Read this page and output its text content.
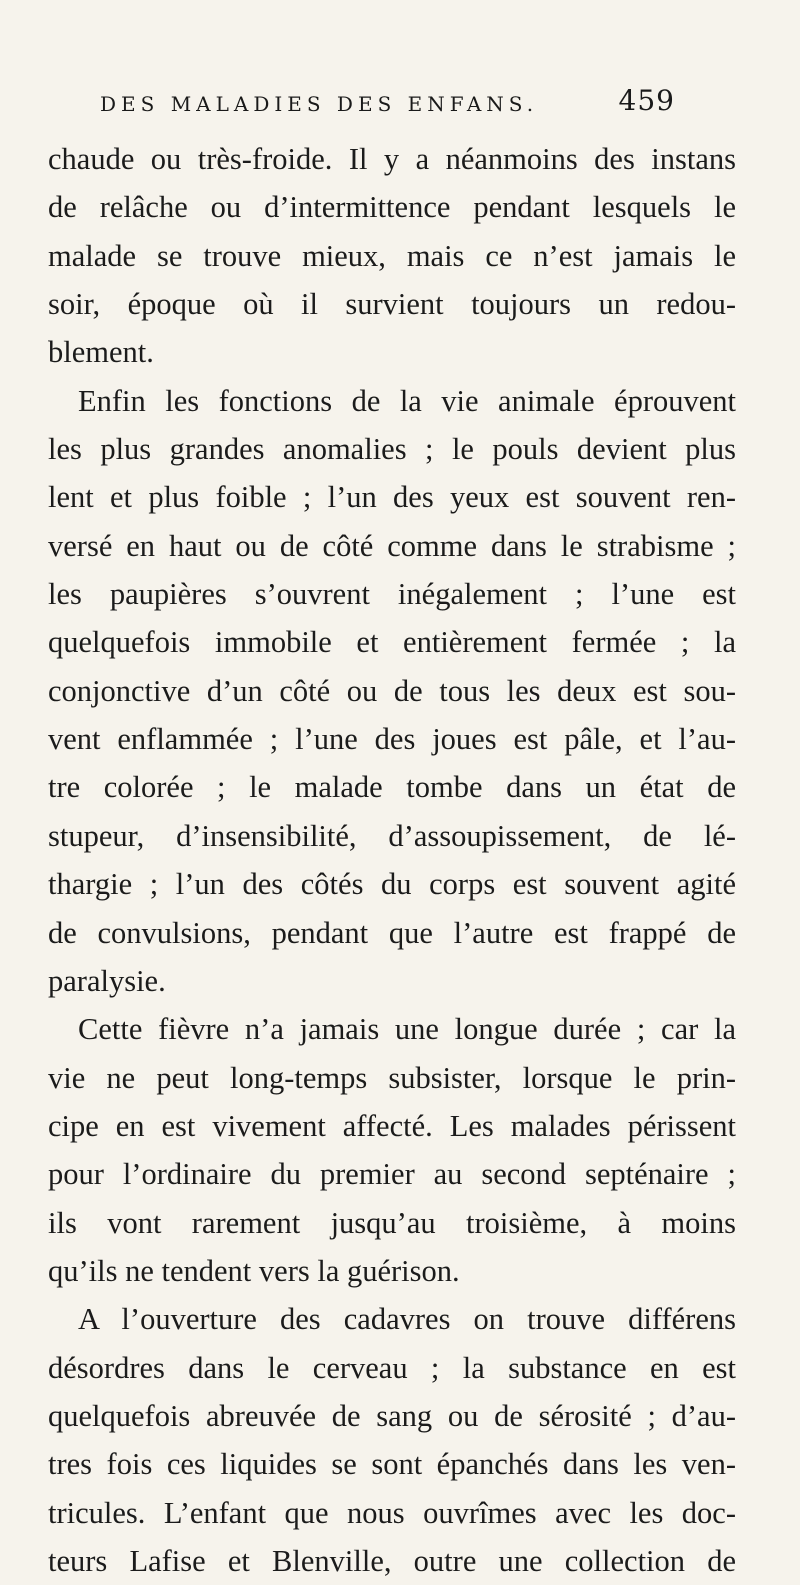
DES MALADIES DES ENFANS.	459
chaude ou très-froide. Il y a néanmoins des instans
de relâche ou d’intermittence pendant lesquels le
malade se trouve mieux, mais ce n’est jamais le
soir, époque où il survient toujours un redou-
blement.
Enfin les fonctions de la vie animale éprouvent
les plus grandes anomalies ; le pouls devient plus
lent et plus foible ; l’un des yeux est souvent ren-
versé en haut ou de côté comme dans le strabisme ;
les paupières s’ouvrent inégalement ; l’une est
quelquefois immobile et entièrement fermée ; la
conjonctive d’un côté ou de tous les deux est sou-
vent enflammée ; l’une des joues est pâle, et l’au-
tre colorée ; le malade tombe dans un état de
stupeur, d’insensibilité, d’assoupissement, de lé-
thargie ; l’un des côtés du corps est souvent agité
de convulsions, pendant que l’autre est frappé de
paralysie.
Cette fièvre n’a jamais une longue durée ; car la
vie ne peut long-temps subsister, lorsque le prin-
cipe en est vivement affecté. Les malades périssent
pour l’ordinaire du premier au second septénaire ;
ils vont rarement jusqu’au troisième, à moins
qu’ils ne tendent vers la guérison.
A l’ouverture des cadavres on trouve différens
désordres dans le cerveau ; la substance en est
quelquefois abreuvée de sang ou de sérosité ; d’au-
tres fois ces liquides se sont épanchés dans les ven-
tricules. L’enfant que nous ouvrîmes avec les doc-
teurs Lafise et Blenville, outre une collection de
